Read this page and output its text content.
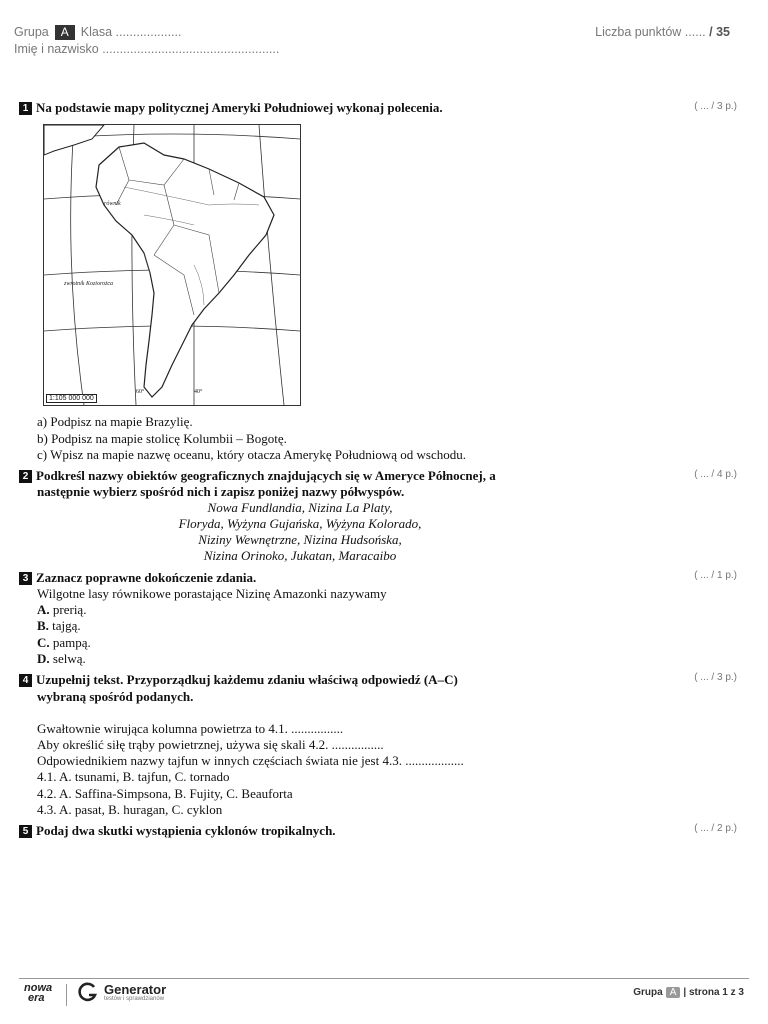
Grupa A Klasa ...................
Imię i nazwisko ...................................................
Liczba punktów ...... / 35
1 Na podstawie mapy politycznej Ameryki Południowej wykonaj polecenia.	( ... / 3 p.)
równik
zwrotnik Koziorożca
60°	40°
1:105 000 000
a) Podpisz na mapie Brazylię.
b) Podpisz na mapie stolicę Kolumbii – Bogotę.
c) Wpisz na mapie nazwę oceanu, który otacza Amerykę Południową od wschodu.
2 Podkreśl nazwy obiektów geograficznych znajdujących się w Ameryce Północnej, a
następnie wybierz spośród nich i zapisz poniżej nazwy półwyspów.
( ... / 4 p.)
Nowa Fundlandia, Nizina La Platy,
Floryda, Wyżyna Gujańska, Wyżyna Kolorado,
Niziny Wewnętrzne, Nizina Hudsońska,
Nizina Orinoko, Jukatan, Maracaibo
3 Zaznacz poprawne dokończenie zdania.	( ... / 1 p.)
Wilgotne lasy równikowe porastające Nizinę Amazonki nazywamy
A. prerią.
B. tajgą.
C. pampą.
D. selwą.
4 Uzupełnij tekst. Przyporządkuj każdemu zdaniu właściwą odpowiedź (A–C)
wybraną spośród podanych.
( ... / 3 p.)
Gwałtownie wirująca kolumna powietrza to 4.1. ................
Aby określić siłę trąby powietrznej, używa się skali 4.2. ................
Odpowiednikiem nazwy tajfun w innych częściach świata nie jest 4.3. ..................
4.1. A. tsunami, B. tajfun, C. tornado
4.2. A. Saffina-Simpsona, B. Fujity, C. Beauforta
4.3. A. pasat, B. huragan, C. cyklon
5 Podaj dwa skutki wystąpienia cyklonów tropikalnych.	( ... / 2 p.)
nowa
era
Generator
testów i sprawdzianów
Grupa A | strona 1 z 3
